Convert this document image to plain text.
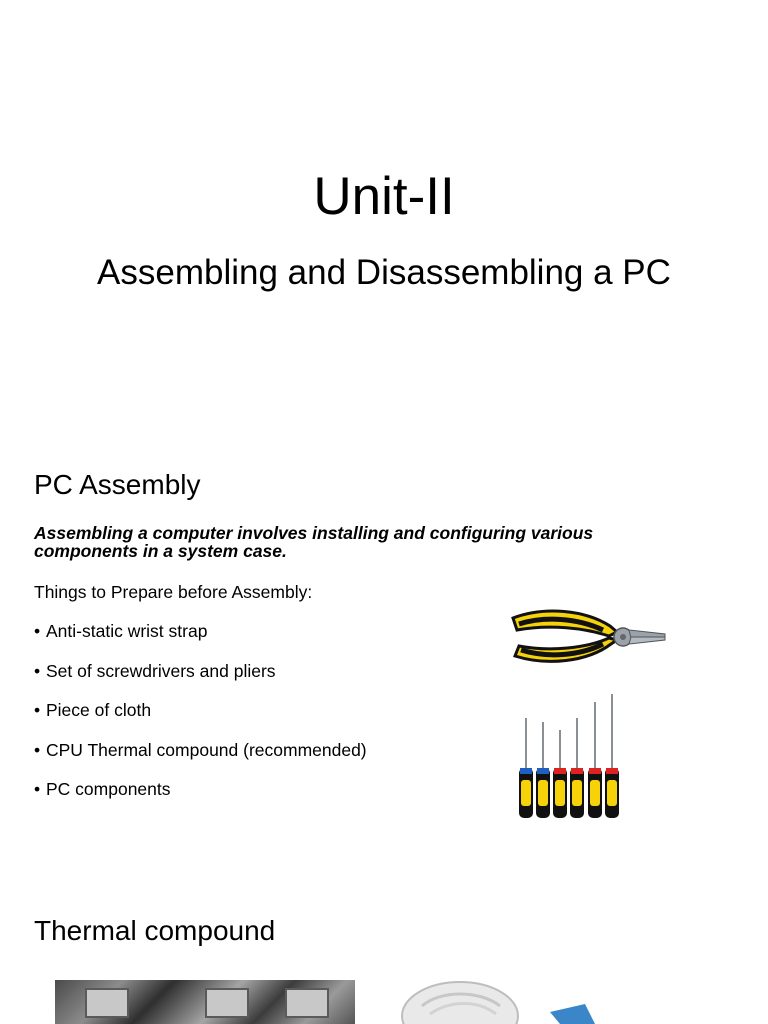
Unit-II
Assembling and Disassembling a PC
PC Assembly
Assembling a computer involves installing and configuring various components in a system case.
Things to Prepare before Assembly:
• Anti-static wrist strap
• Set of screwdrivers and pliers
• Piece of cloth
• CPU Thermal compound (recommended)
• PC components
Thermal compound
